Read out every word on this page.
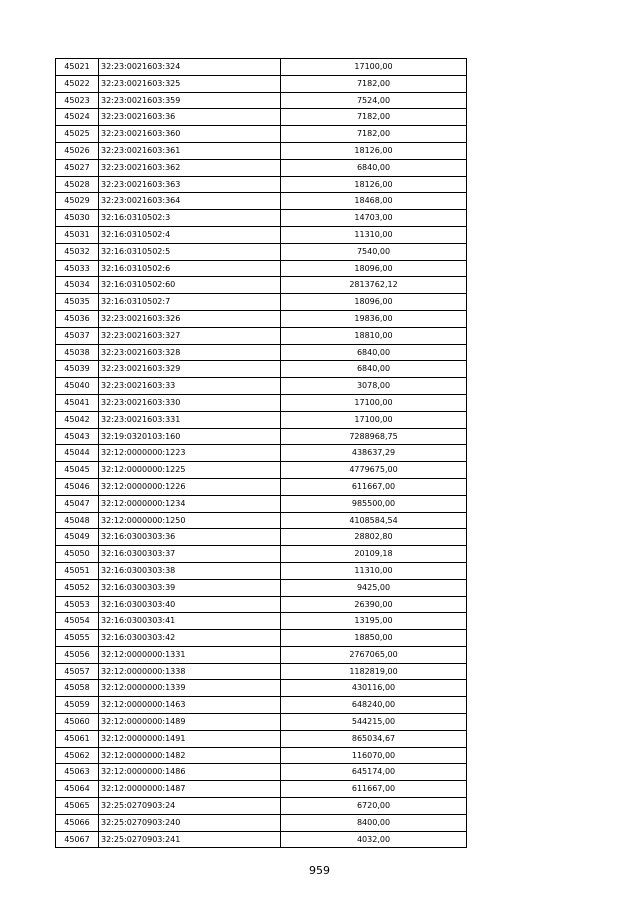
45021	32:23:0021603:324	17100,00
45022	32:23:0021603:325	7182,00
45023	32:23:0021603:359	7524,00
45024	32:23:0021603:36	7182,00
45025	32:23:0021603:360	7182,00
45026	32:23:0021603:361	18126,00
45027	32:23:0021603:362	6840,00
45028	32:23:0021603:363	18126,00
45029	32:23:0021603:364	18468,00
45030	32:16:0310502:3	14703,00
45031	32:16:0310502:4	11310,00
45032	32:16:0310502:5	7540,00
45033	32:16:0310502:6	18096,00
45034	32:16:0310502:60	2813762,12
45035	32:16:0310502:7	18096,00
45036	32:23:0021603:326	19836,00
45037	32:23:0021603:327	18810,00
45038	32:23:0021603:328	6840,00
45039	32:23:0021603:329	6840,00
45040	32:23:0021603:33	3078,00
45041	32:23:0021603:330	17100,00
45042	32:23:0021603:331	17100,00
45043	32:19:0320103:160	7288968,75
45044	32:12:0000000:1223	438637,29
45045	32:12:0000000:1225	4779675,00
45046	32:12:0000000:1226	611667,00
45047	32:12:0000000:1234	985500,00
45048	32:12:0000000:1250	4108584,54
45049	32:16:0300303:36	28802,80
45050	32:16:0300303:37	20109,18
45051	32:16:0300303:38	11310,00
45052	32:16:0300303:39	9425,00
45053	32:16:0300303:40	26390,00
45054	32:16:0300303:41	13195,00
45055	32:16:0300303:42	18850,00
45056	32:12:0000000:1331	2767065,00
45057	32:12:0000000:1338	1182819,00
45058	32:12:0000000:1339	430116,00
45059	32:12:0000000:1463	648240,00
45060	32:12:0000000:1489	544215,00
45061	32:12:0000000:1491	865034,67
45062	32:12:0000000:1482	116070,00
45063	32:12:0000000:1486	645174,00
45064	32:12:0000000:1487	611667,00
45065	32:25:0270903:24	6720,00
45066	32:25:0270903:240	8400,00
45067	32:25:0270903:241	4032,00
959
